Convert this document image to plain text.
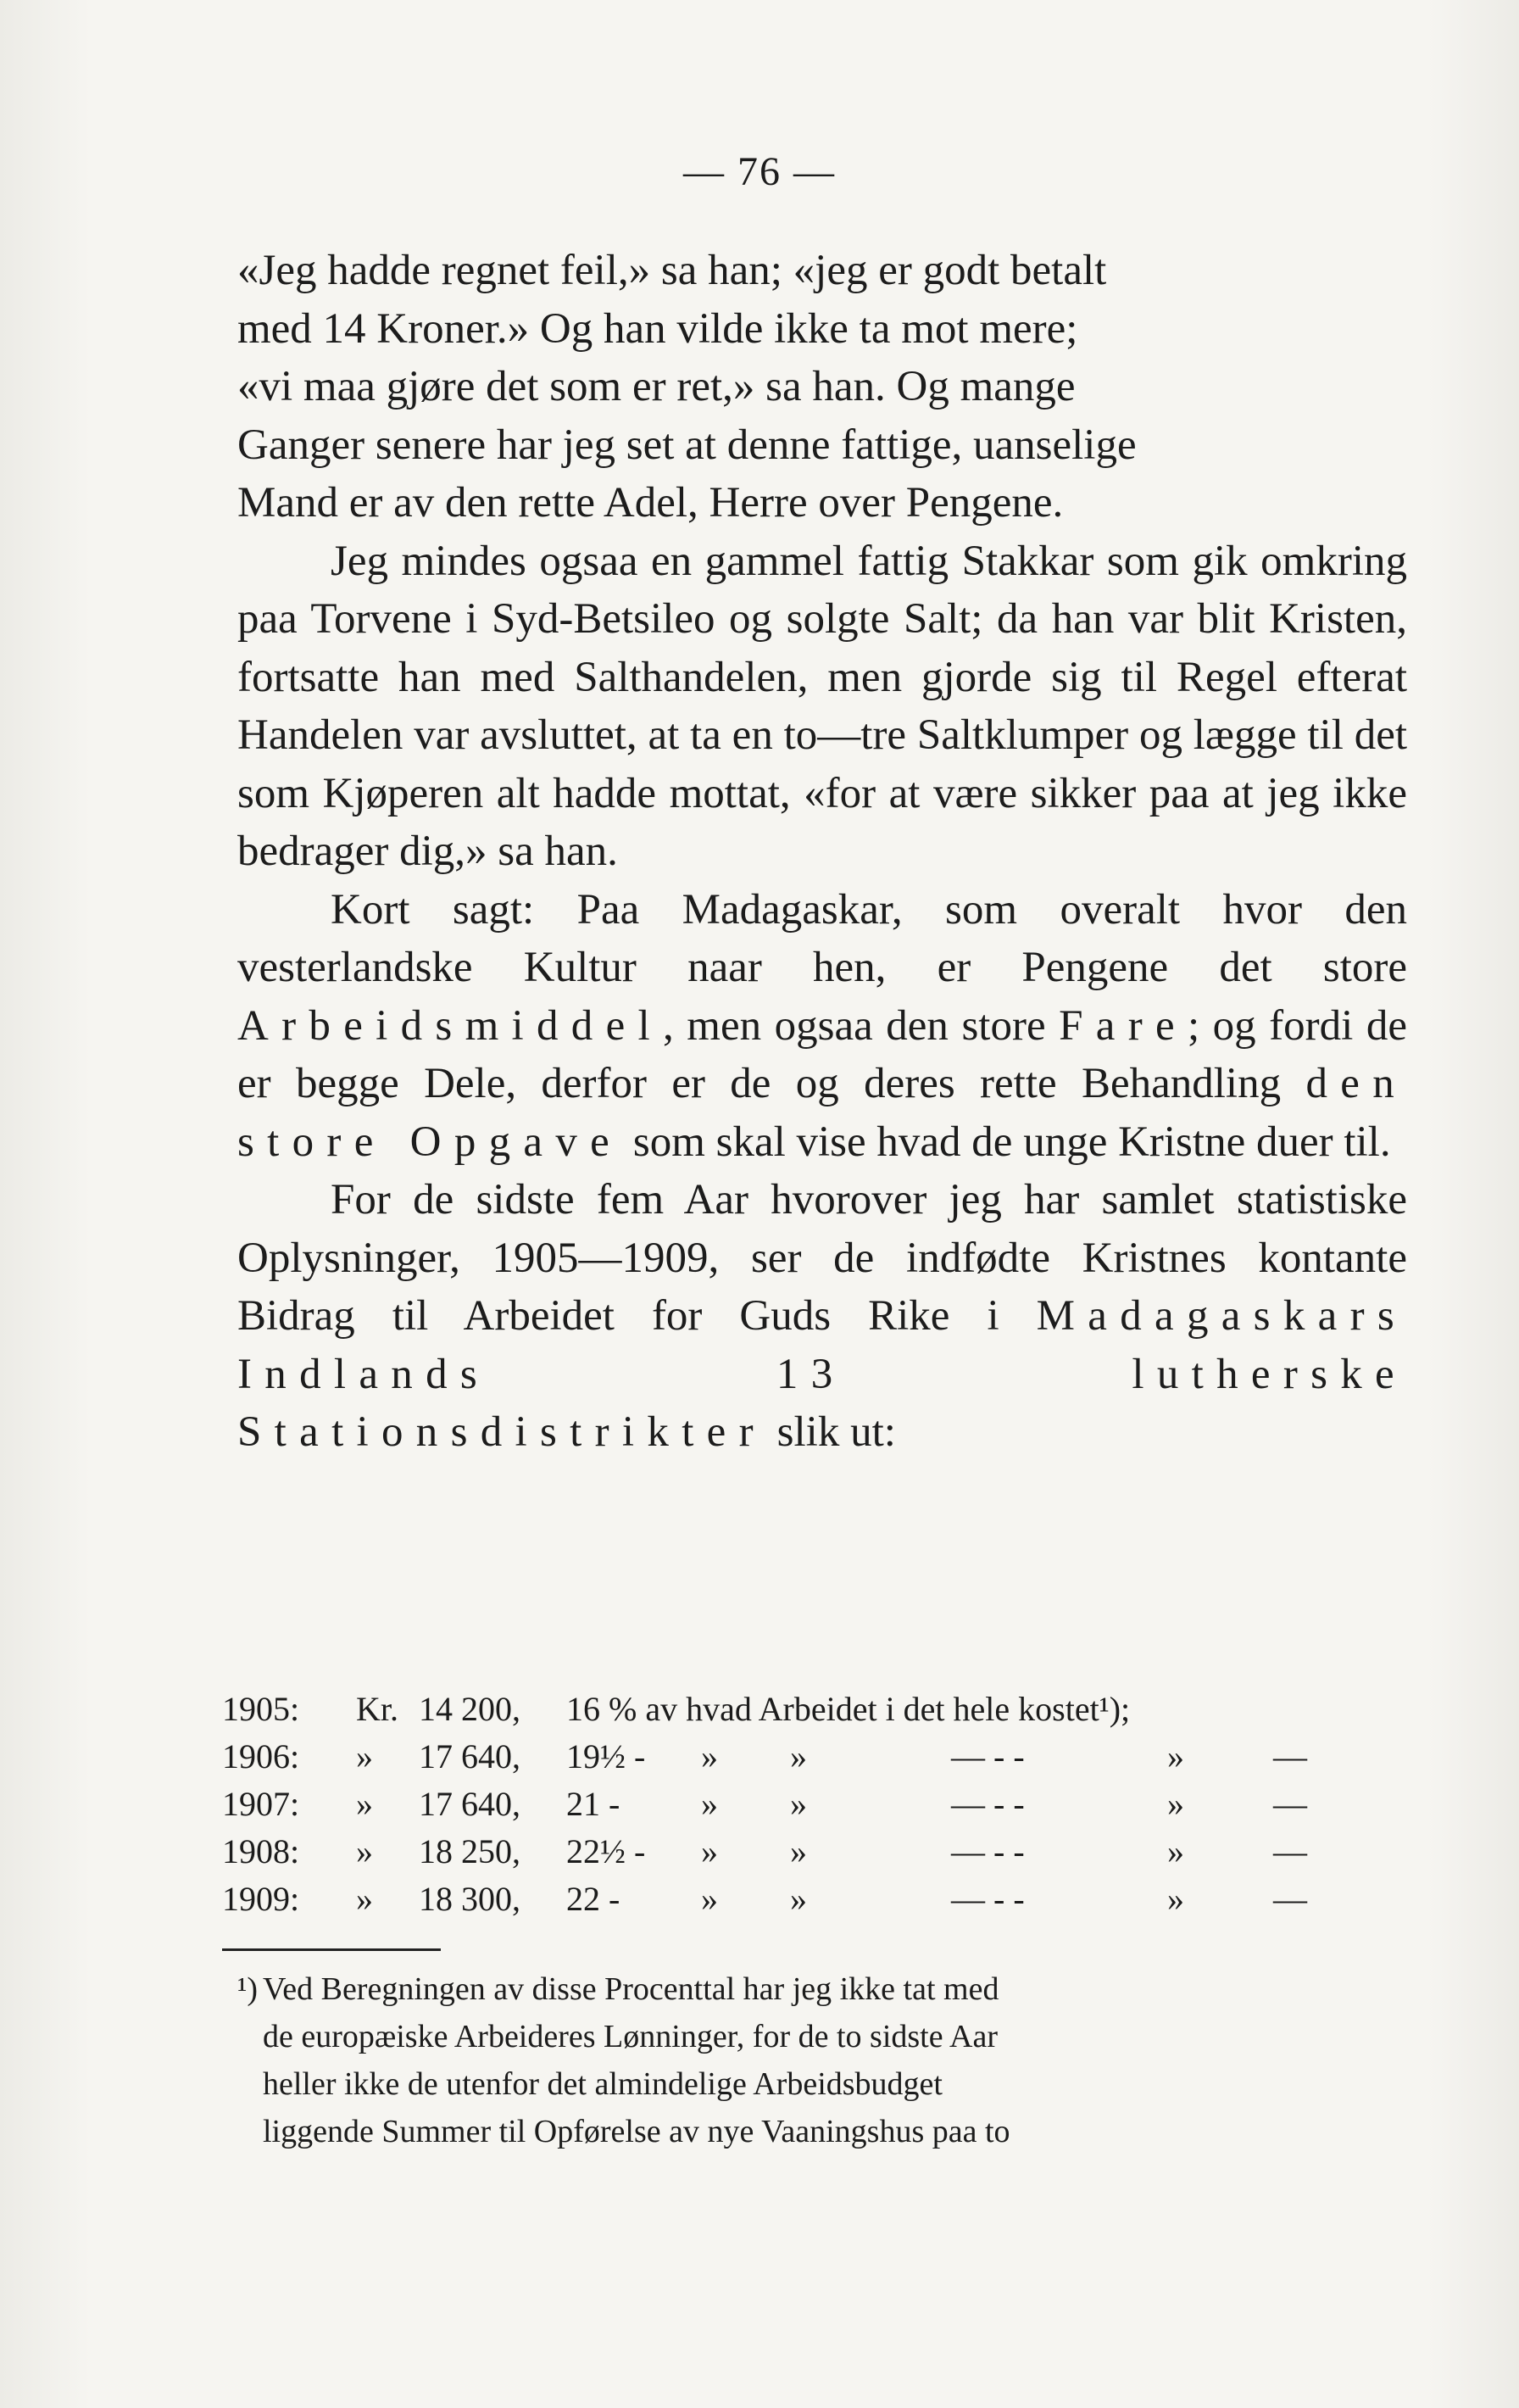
— 76 —

«Jeg hadde regnet feil,» sa han; «jeg er godt betalt
med 14 Kroner.» Og han vilde ikke ta mot mere;
«vi maa gjøre det som er ret,» sa han. Og mange
Ganger senere har jeg set at denne fattige, uanselige
Mand er av den rette Adel, Herre over Pengene.

Jeg mindes ogsaa en gammel fattig Stakkar som gik omkring paa Torvene i Syd-Betsileo og solgte Salt; da han var blit Kristen, fortsatte han med Salthandelen, men gjorde sig til Regel efterat Handelen var avsluttet, at ta en to—tre Saltklumper og lægge til det som Kjøperen alt hadde mottat, «for at være sikker paa at jeg ikke bedrager dig,» sa han.

Kort sagt: Paa Madagaskar, som overalt hvor den vesterlandske Kultur naar hen, er Pengene det store Arbeidsmiddel, men ogsaa den store Fare; og fordi de er begge Dele, derfor er de og deres rette Behandling den store Opgave som skal vise hvad de unge Kristne duer til.

For de sidste fem Aar hvorover jeg har samlet statistiske Oplysninger, 1905—1909, ser de indfødte Kristnes kontante Bidrag til Arbeidet for Guds Rike i Madagaskars Indlands 13 lutherske Stationsdistrikter slik ut:

1905: Kr. 14 200, 16 % av hvad Arbeidet i det hele kostet¹);
1906: » 17 640, 19½ - » »	— - -	»	—
1907: » 17 640, 21 - » »	— - -	»	—
1908: » 18 250, 22½ - » »	— - -	»	—
1909: » 18 300, 22 - » »	— - -	»	—

¹) Ved Beregningen av disse Procenttal har jeg ikke tat med
de europæiske Arbeideres Lønninger, for de to sidste Aar
heller ikke de utenfor det almindelige Arbeidsbudget
liggende Summer til Opførelse av nye Vaaningshus paa to
